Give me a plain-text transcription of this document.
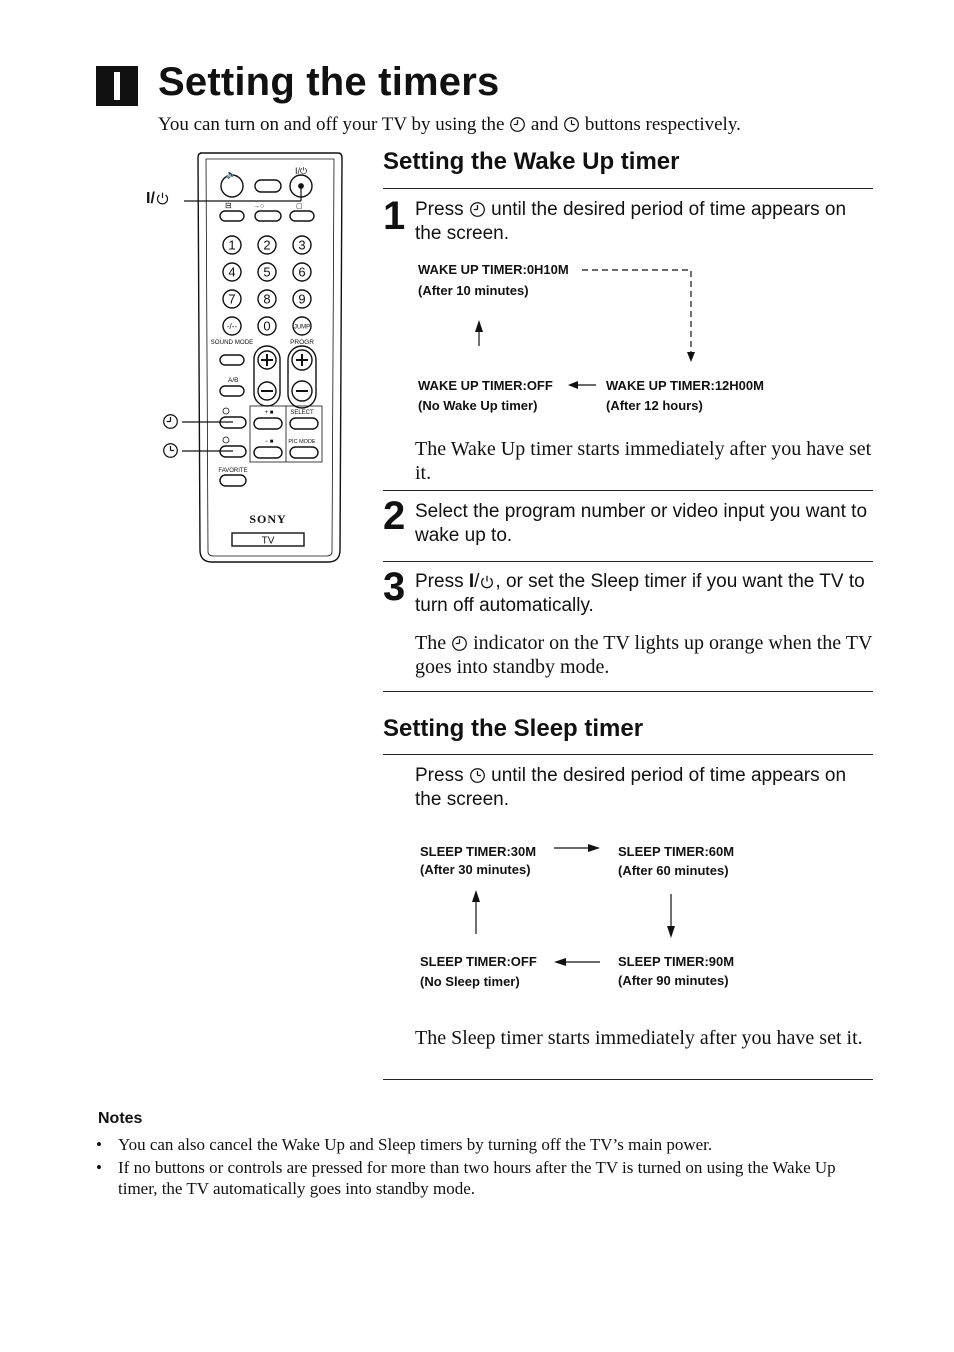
Setting the timers
You can turn on and off your TV by using the and buttons respectively.
🔈	I/⏻
⊟	→○	▢
1 2 3
4 5 6
7 8 9
-/-- 0	JUMP
SOUND MODE	PROGR
A/B
+ ■	SELECT
− ■	PIC MODE
FAVORITE
SONY
TV
I/
Setting the Wake Up timer
1 Press until the desired period of time appears on the screen.
WAKE UP TIMER:0H10M
(After 10 minutes)
WAKE UP TIMER:OFF
(No Wake Up timer)
WAKE UP TIMER:12H00M
(After 12 hours)
The Wake Up timer starts immediately after you have set it.
2 Select the program number or video input you want to wake up to.
3 Press I/ , or set the Sleep timer if you want the TV to turn off automatically.
The indicator on the TV lights up orange when the TV goes into standby mode.
Setting the Sleep timer
Press until the desired period of time appears on the screen.
SLEEP TIMER:30M
(After 30 minutes)
SLEEP TIMER:60M
(After 60 minutes)
SLEEP TIMER:90M
(After 90 minutes)
SLEEP TIMER:OFF
(No Sleep timer)
The Sleep timer starts immediately after you have set it.
Notes
• You can also cancel the Wake Up and Sleep timers by turning off the TV’s main power.
• If no buttons or controls are pressed for more than two hours after the TV is turned on using the Wake Up timer, the TV automatically goes into standby mode.
